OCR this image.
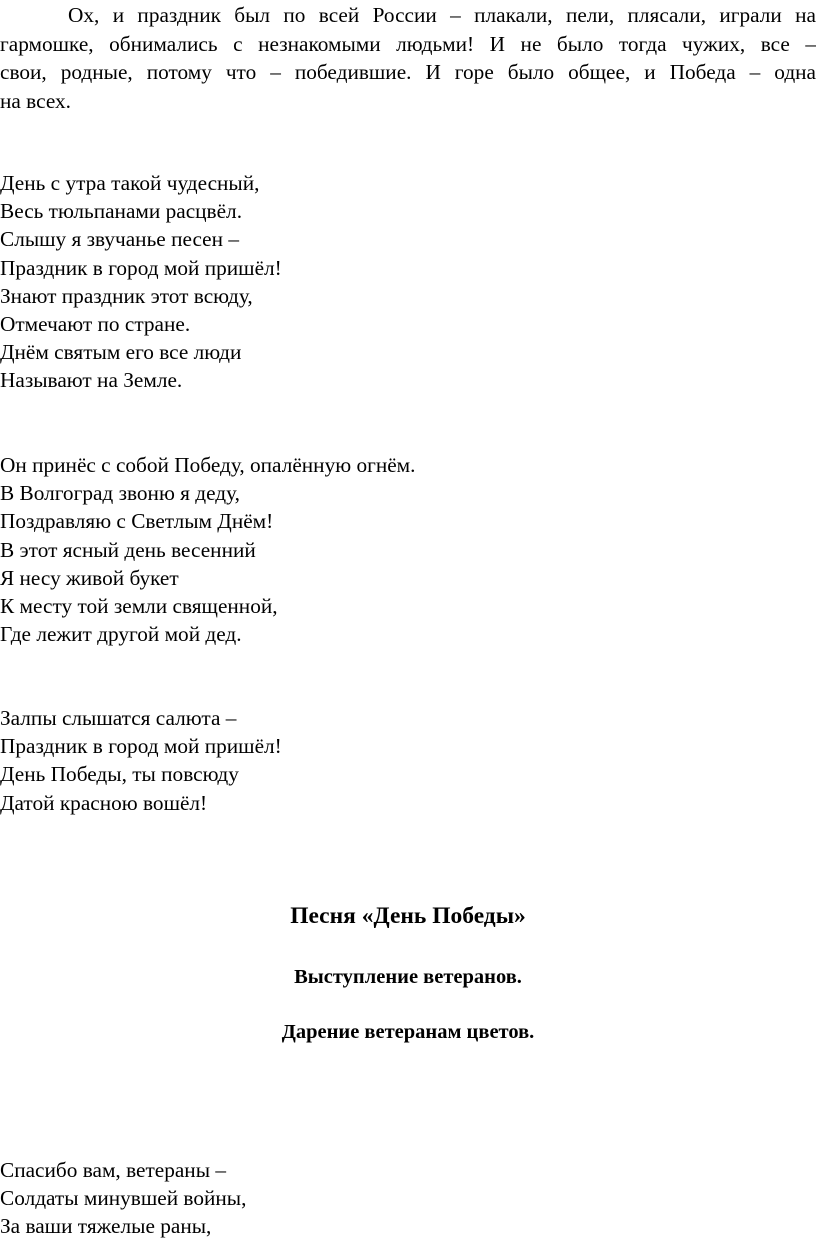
Ох, и праздник был по всей России – плакали, пели, плясали, играли на
гармошке, обнимались с незнакомыми людьми! И не было тогда чужих, все –
свои, родные, потому что – победившие. И горе было общее, и Победа – одна
на всех.

День с утра такой чудесный,
Весь тюльпанами расцвёл.
Слышу я звучанье песен –
Праздник в город мой пришёл!
Знают праздник этот всюду,
Отмечают по стране.
Днём святым его все люди
Называют на Земле.
Он принёс с собой Победу, опалённую огнём.
В Волгоград звоню я деду,
Поздравляю с Светлым Днём!
В этот ясный день весенний
Я несу живой букет
К месту той земли священной,
Где лежит другой мой дед.
Залпы слышатся салюта –
Праздник в город мой пришёл!
День Победы, ты повсюду
Датой красною вошёл!
Песня «День Победы»
Выступление ветеранов.
Дарение ветеранам цветов.
Спасибо вам, ветераны –
Солдаты минувшей войны,
За ваши тяжелые раны,
